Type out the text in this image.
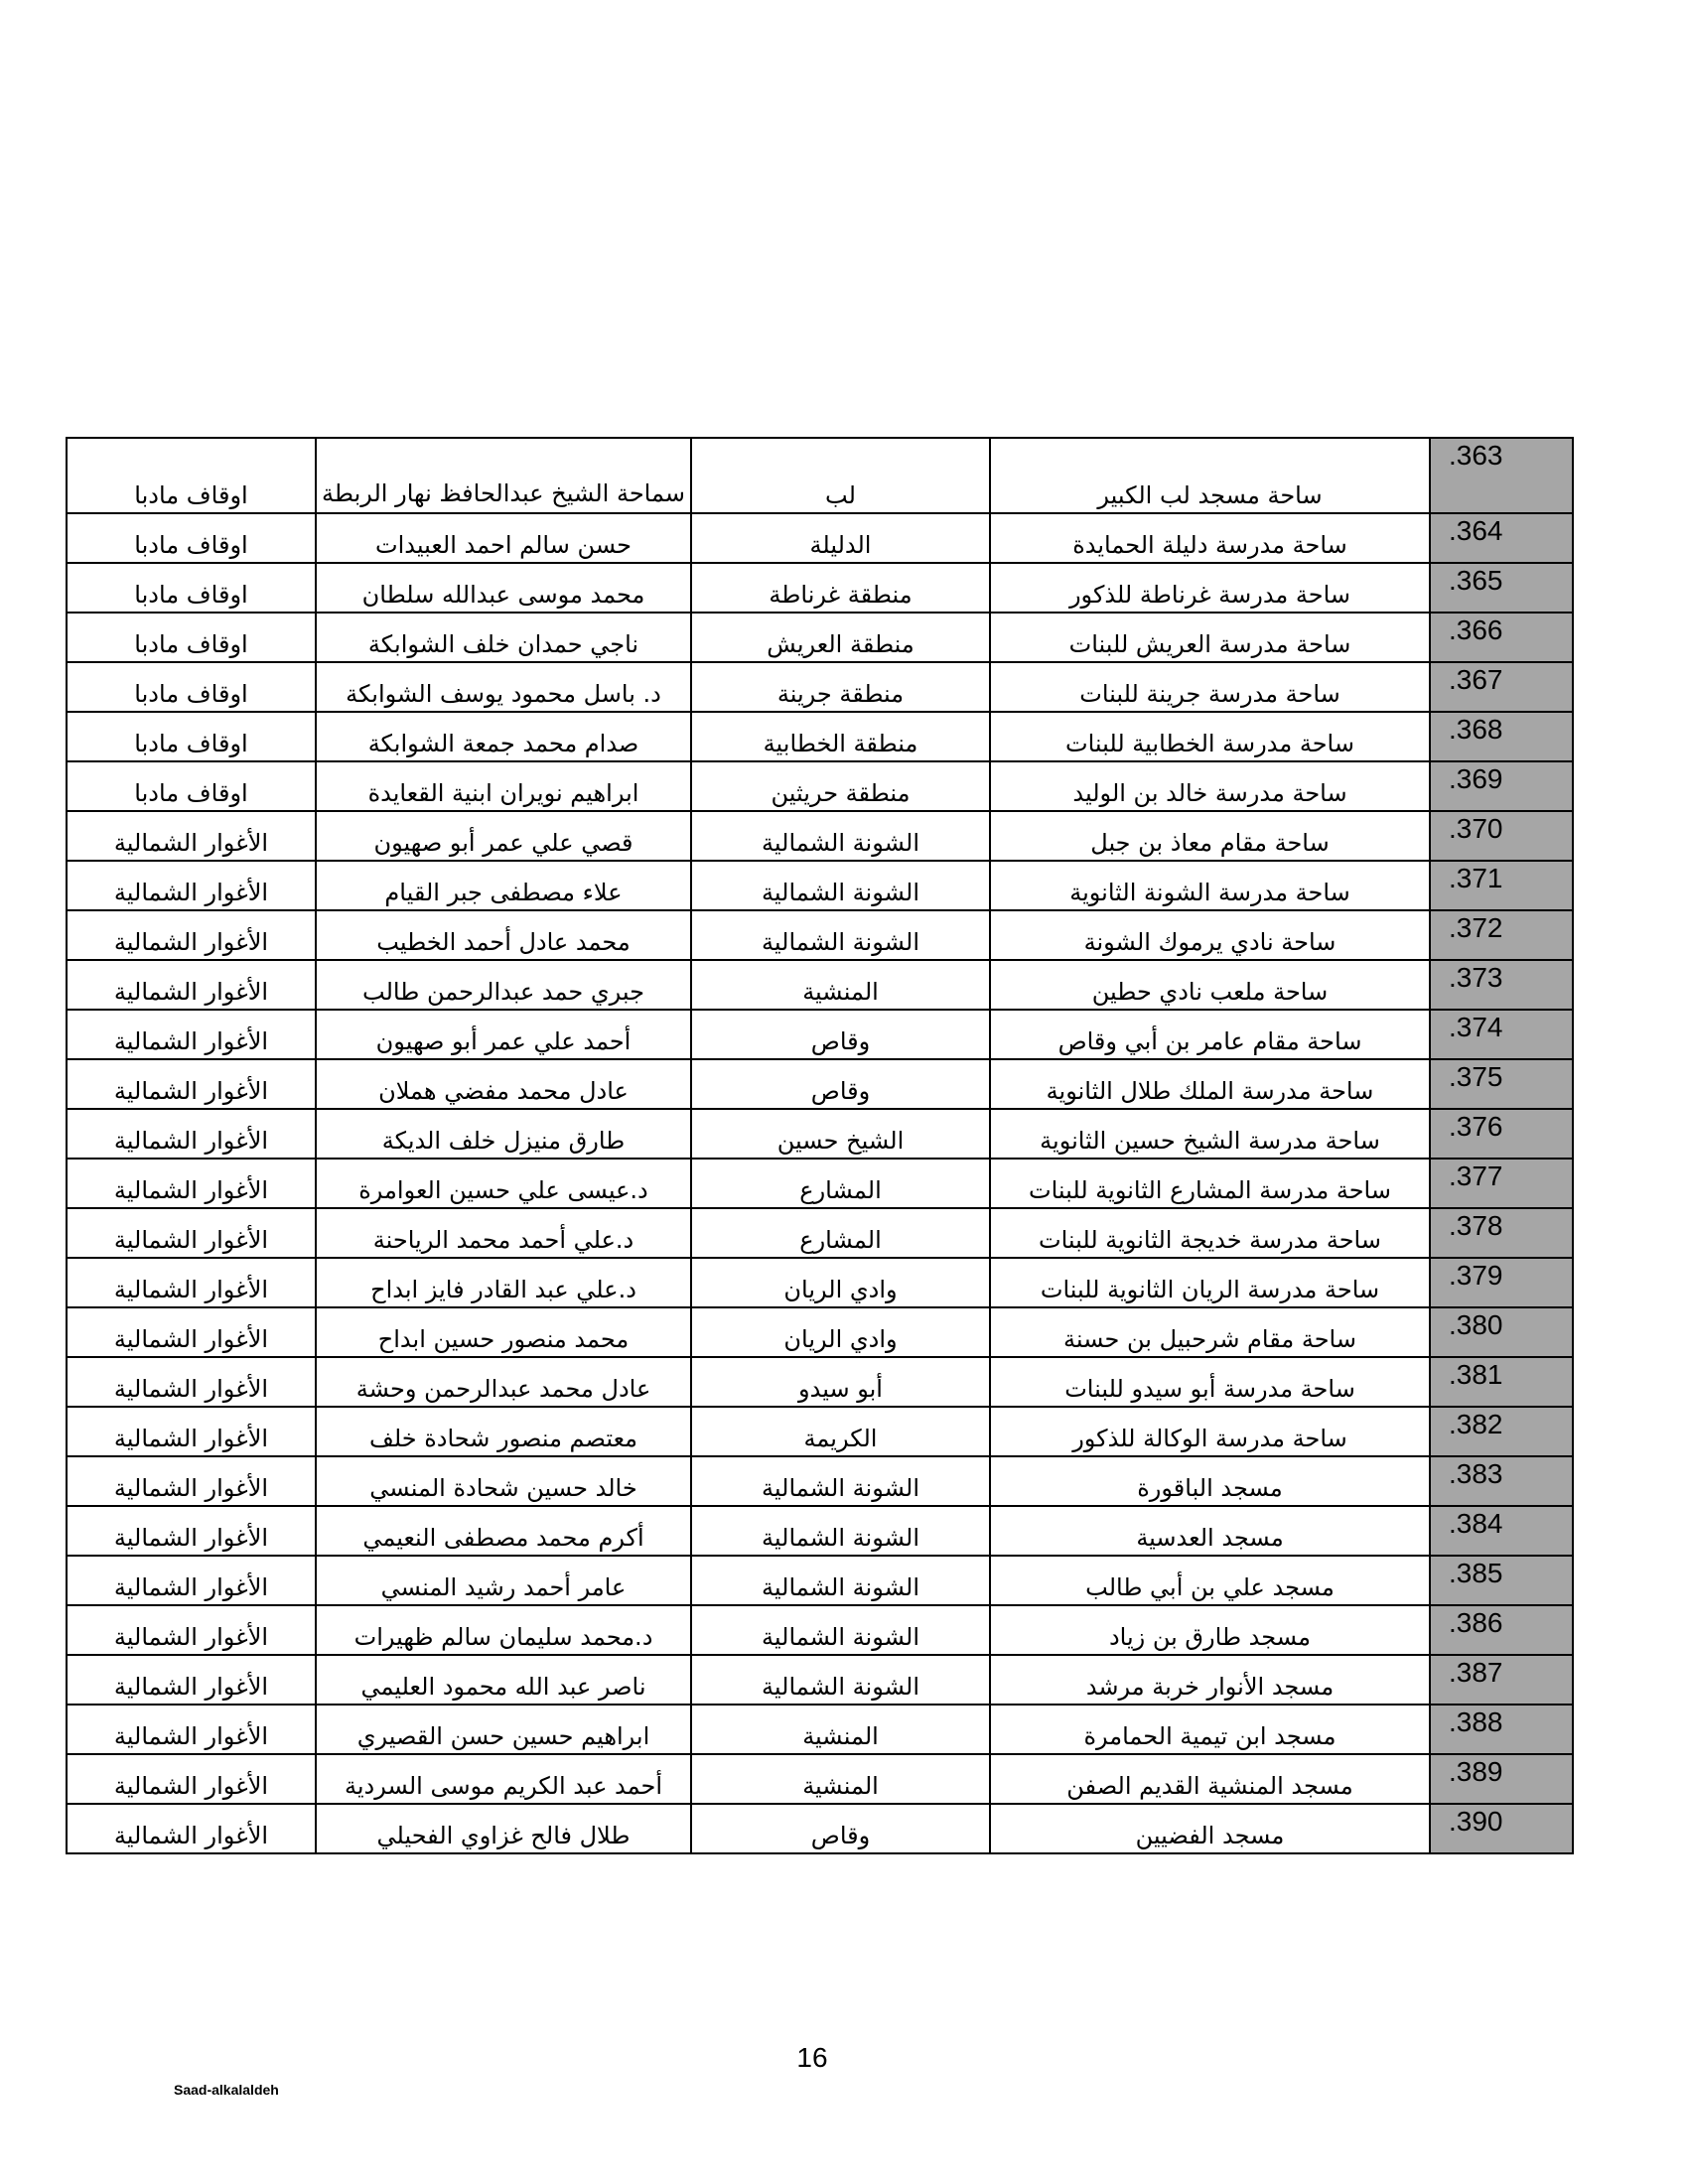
اوقاف مادبا	سماحة الشيخ عبدالحافظ نهار الربطة	لب	ساحة مسجد لب الكبير	.363
اوقاف مادبا	حسن سالم احمد العبيدات	الدليلة	ساحة مدرسة دليلة الحمايدة	.364
اوقاف مادبا	محمد موسى عبدالله سلطان	منطقة غرناطة	ساحة مدرسة غرناطة للذكور	.365
اوقاف مادبا	ناجي حمدان خلف الشوابكة	منطقة العريش	ساحة مدرسة العريش للبنات	.366
اوقاف مادبا	د. باسل محمود يوسف الشوابكة	منطقة جرينة	ساحة مدرسة جرينة للبنات	.367
اوقاف مادبا	صدام محمد جمعة الشوابكة	منطقة الخطابية	ساحة مدرسة الخطابية للبنات	.368
اوقاف مادبا	ابراهيم نويران ابنية القعايدة	منطقة حريثين	ساحة مدرسة خالد بن الوليد	.369
الأغوار الشمالية	قصي علي عمر أبو صهيون	الشونة الشمالية	ساحة مقام معاذ بن جبل	.370
الأغوار الشمالية	علاء مصطفى جبر القيام	الشونة الشمالية	ساحة مدرسة الشونة الثانوية	.371
الأغوار الشمالية	محمد عادل أحمد الخطيب	الشونة الشمالية	ساحة نادي يرموك الشونة	.372
الأغوار الشمالية	جبري حمد عبدالرحمن طالب	المنشية	ساحة ملعب نادي حطين	.373
الأغوار الشمالية	أحمد علي عمر أبو صهيون	وقاص	ساحة مقام عامر بن أبي وقاص	.374
الأغوار الشمالية	عادل محمد مفضي هملان	وقاص	ساحة مدرسة الملك طلال الثانوية	.375
الأغوار الشمالية	طارق منيزل خلف الديكة	الشيخ حسين	ساحة مدرسة الشيخ حسين الثانوية	.376
الأغوار الشمالية	د.عيسى علي حسين العوامرة	المشارع	ساحة مدرسة المشارع الثانوية للبنات	.377
الأغوار الشمالية	د.علي أحمد محمد الرياحنة	المشارع	ساحة مدرسة خديجة الثانوية للبنات	.378
الأغوار الشمالية	د.علي عبد القادر فايز ابداح	وادي الريان	ساحة مدرسة الريان الثانوية للبنات	.379
الأغوار الشمالية	محمد منصور حسين ابداح	وادي الريان	ساحة مقام شرحبيل بن حسنة	.380
الأغوار الشمالية	عادل محمد عبدالرحمن وحشة	أبو سيدو	ساحة مدرسة أبو سيدو للبنات	.381
الأغوار الشمالية	معتصم منصور شحادة خلف	الكريمة	ساحة مدرسة الوكالة للذكور	.382
الأغوار الشمالية	خالد حسين شحادة المنسي	الشونة الشمالية	مسجد الباقورة	.383
الأغوار الشمالية	أكرم محمد مصطفى النعيمي	الشونة الشمالية	مسجد العدسية	.384
الأغوار الشمالية	عامر أحمد رشيد المنسي	الشونة الشمالية	مسجد علي بن أبي طالب	.385
الأغوار الشمالية	د.محمد سليمان سالم ظهيرات	الشونة الشمالية	مسجد طارق بن زياد	.386
الأغوار الشمالية	ناصر عبد الله محمود العليمي	الشونة الشمالية	مسجد الأنوار خربة مرشد	.387
الأغوار الشمالية	ابراهيم حسين حسن القصيري	المنشية	مسجد ابن تيمية الحمامرة	.388
الأغوار الشمالية	أحمد عبد الكريم موسى السردية	المنشية	مسجد المنشية القديم الصفن	.389
الأغوار الشمالية	طلال فالح غزاوي الفحيلي	وقاص	مسجد الفضيين	.390
16
Saad-alkalaldeh
